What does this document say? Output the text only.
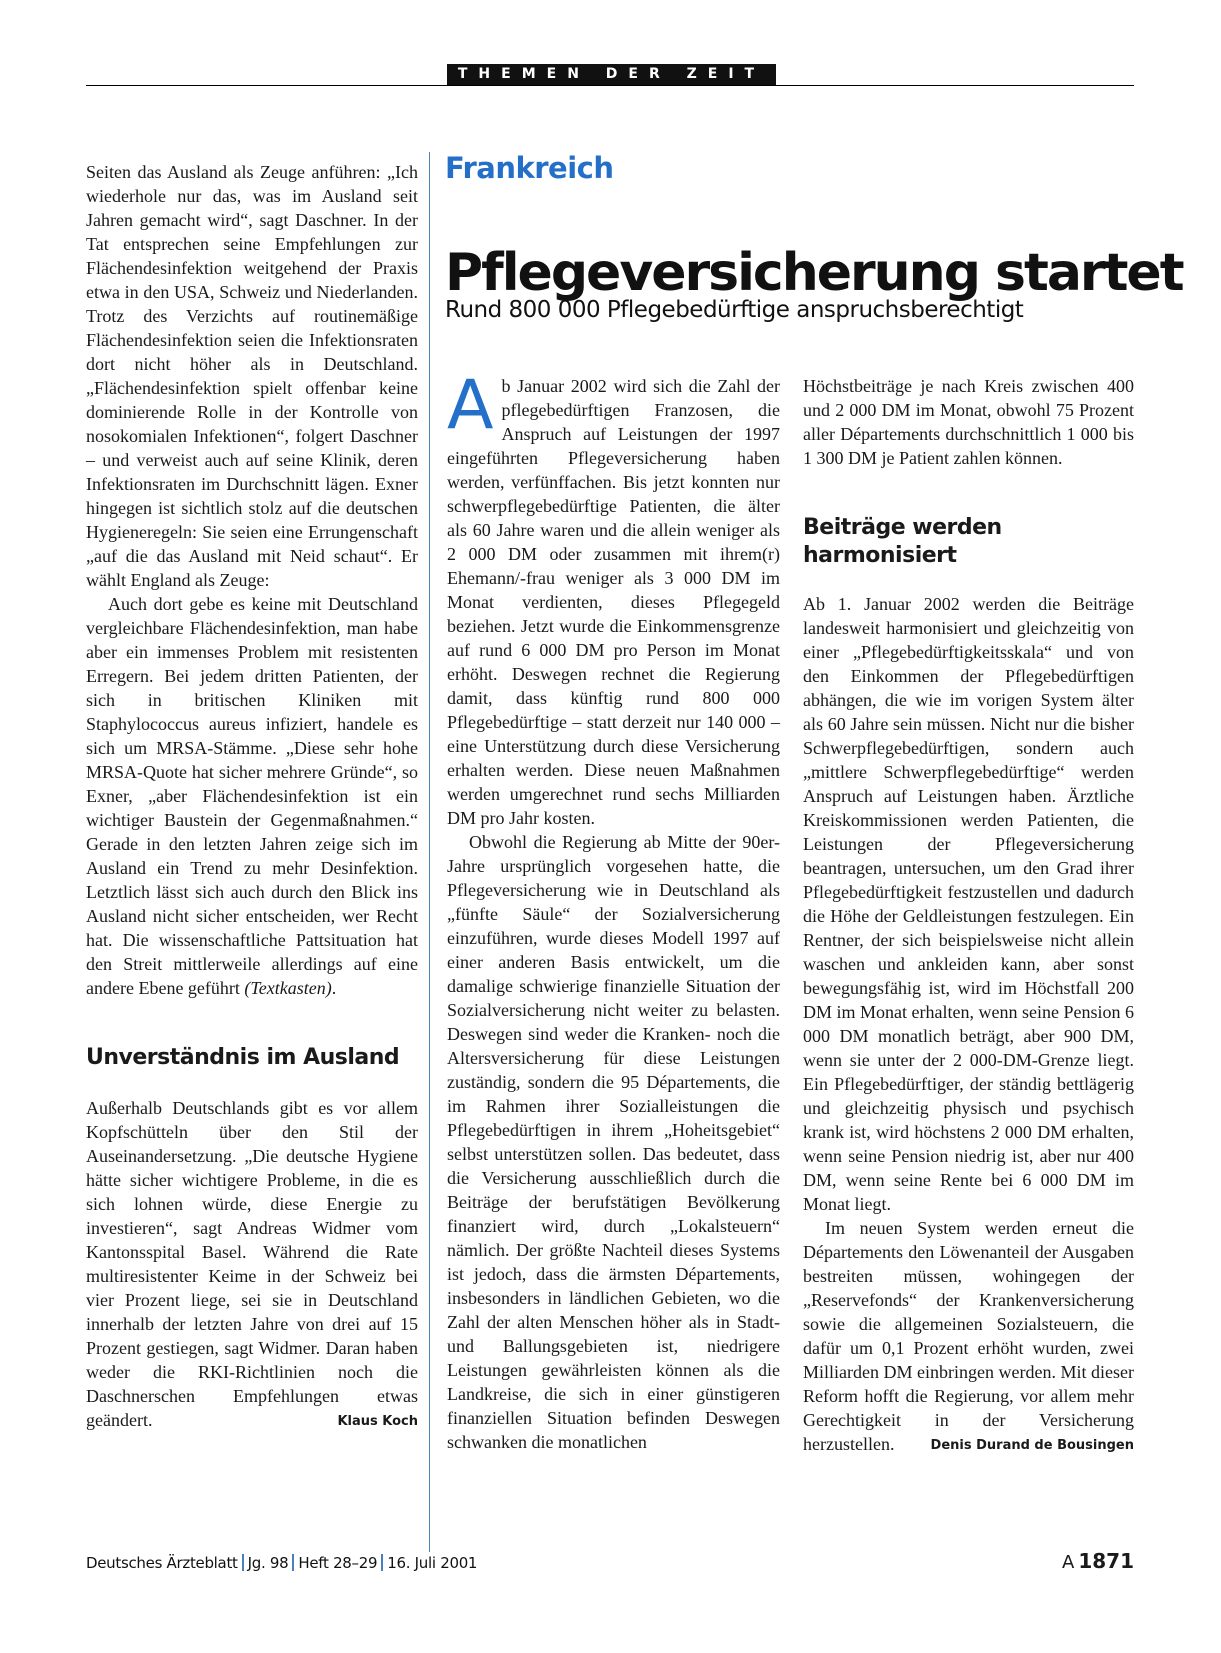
THEMEN DER ZEIT

Seiten das Ausland als Zeuge anführen: „Ich wiederhole nur das, was im Ausland seit Jahren gemacht wird“, sagt Daschner. In der Tat entsprechen seine Empfehlungen zur Flächendesinfektion weitgehend der Praxis etwa in den USA, Schweiz und Niederlanden. Trotz des Verzichts auf routinemäßige Flächendesinfektion seien die Infektionsraten dort nicht höher als in Deutschland. „Flächendesinfektion spielt offenbar keine dominierende Rolle in der Kontrolle von nosokomialen Infektionen“, folgert Daschner – und verweist auch auf seine Klinik, deren Infektionsraten im Durchschnitt lägen. Exner hingegen ist sichtlich stolz auf die deutschen Hygieneregeln: Sie seien eine Errungenschaft „auf die das Ausland mit Neid schaut“. Er wählt England als Zeuge:

Auch dort gebe es keine mit Deutschland vergleichbare Flächendesinfektion, man habe aber ein immenses Problem mit resistenten Erregern. Bei jedem dritten Patienten, der sich in britischen Kliniken mit Staphylococcus aureus infiziert, handele es sich um MRSA-Stämme. „Diese sehr hohe MRSA-Quote hat sicher mehrere Gründe“, so Exner, „aber Flächendesinfektion ist ein wichtiger Baustein der Gegenmaßnahmen.“ Gerade in den letzten Jahren zeige sich im Ausland ein Trend zu mehr Desinfektion. Letztlich lässt sich auch durch den Blick ins Ausland nicht sicher entscheiden, wer Recht hat. Die wissenschaftliche Pattsituation hat den Streit mittlerweile allerdings auf eine andere Ebene geführt (Textkasten).

Unverständnis im Ausland

Außerhalb Deutschlands gibt es vor allem Kopfschütteln über den Stil der Auseinandersetzung. „Die deutsche Hygiene hätte sicher wichtigere Probleme, in die es sich lohnen würde, diese Energie zu investieren“, sagt Andreas Widmer vom Kantonsspital Basel. Während die Rate multiresistenter Keime in der Schweiz bei vier Prozent liege, sei sie in Deutschland innerhalb der letzten Jahre von drei auf 15 Prozent gestiegen, sagt Widmer. Daran haben weder die RKI-Richtlinien noch die Daschnerschen Empfehlungen etwas geändert.	Klaus Koch

Frankreich
Pflegeversicherung startet
Rund 800 000 Pflegebedürftige anspruchsberechtigt

Ab Januar 2002 wird sich die Zahl der pflegebedürftigen Franzosen, die Anspruch auf Leistungen der 1997 eingeführten Pflegeversicherung haben werden, verfünffachen. Bis jetzt konnten nur schwerpflegebedürftige Patienten, die älter als 60 Jahre waren und die allein weniger als 2 000 DM oder zusammen mit ihrem(r) Ehemann/-frau weniger als 3 000 DM im Monat verdienten, dieses Pflegegeld beziehen. Jetzt wurde die Einkommensgrenze auf rund 6 000 DM pro Person im Monat erhöht. Deswegen rechnet die Regierung damit, dass künftig rund 800 000 Pflegebedürftige – statt derzeit nur 140 000 – eine Unterstützung durch diese Versicherung erhalten werden. Diese neuen Maßnahmen werden umgerechnet rund sechs Milliarden DM pro Jahr kosten.

Obwohl die Regierung ab Mitte der 90er-Jahre ursprünglich vorgesehen hatte, die Pflegeversicherung wie in Deutschland als „fünfte Säule“ der Sozialversicherung einzuführen, wurde dieses Modell 1997 auf einer anderen Basis entwickelt, um die damalige schwierige finanzielle Situation der Sozialversicherung nicht weiter zu belasten. Deswegen sind weder die Kranken- noch die Altersversicherung für diese Leistungen zuständig, sondern die 95 Départements, die im Rahmen ihrer Sozialleistungen die Pflegebedürftigen in ihrem „Hoheitsgebiet“ selbst unterstützen sollen. Das bedeutet, dass die Versicherung ausschließlich durch die Beiträge der berufstätigen Bevölkerung finanziert wird, durch „Lokalsteuern“ nämlich. Der größte Nachteil dieses Systems ist jedoch, dass die ärmsten Départements, insbesonders in ländlichen Gebieten, wo die Zahl der alten Menschen höher als in Stadt- und Ballungsgebieten ist, niedrigere Leistungen gewährleisten können als die Landkreise, die sich in einer günstigeren finanziellen Situation befinden Deswegen schwanken die monatlichen

Höchstbeiträge je nach Kreis zwischen 400 und 2 000 DM im Monat, obwohl 75 Prozent aller Départements durchschnittlich 1 000 bis 1 300 DM je Patient zahlen können.

Beiträge werden harmonisiert

Ab 1. Januar 2002 werden die Beiträge landesweit harmonisiert und gleichzeitig von einer „Pflegebedürftigkeitsskala“ und von den Einkommen der Pflegebedürftigen abhängen, die wie im vorigen System älter als 60 Jahre sein müssen. Nicht nur die bisher Schwerpflegebedürftigen, sondern auch „mittlere Schwerpflegebedürftige“ werden Anspruch auf Leistungen haben. Ärztliche Kreiskommissionen werden Patienten, die Leistungen der Pflegeversicherung beantragen, untersuchen, um den Grad ihrer Pflegebedürftigkeit festzustellen und dadurch die Höhe der Geldleistungen festzulegen. Ein Rentner, der sich beispielsweise nicht allein waschen und ankleiden kann, aber sonst bewegungsfähig ist, wird im Höchstfall 200 DM im Monat erhalten, wenn seine Pension 6 000 DM monatlich beträgt, aber 900 DM, wenn sie unter der 2 000-DM-Grenze liegt. Ein Pflegebedürftiger, der ständig bettlägerig und gleichzeitig physisch und psychisch krank ist, wird höchstens 2 000 DM erhalten, wenn seine Pension niedrig ist, aber nur 400 DM, wenn seine Rente bei 6 000 DM im Monat liegt.

Im neuen System werden erneut die Départements den Löwenanteil der Ausgaben bestreiten müssen, wohingegen der „Reservefonds“ der Krankenversicherung sowie die allgemeinen Sozialsteuern, die dafür um 0,1 Prozent erhöht wurden, zwei Milliarden DM einbringen werden. Mit dieser Reform hofft die Regierung, vor allem mehr Gerechtigkeit in der Versicherung herzustellen.	Denis Durand de Bousingen

Deutsches Ärzteblatt Jg. 98 Heft 28–29 16. Juli 2001	A 1871
